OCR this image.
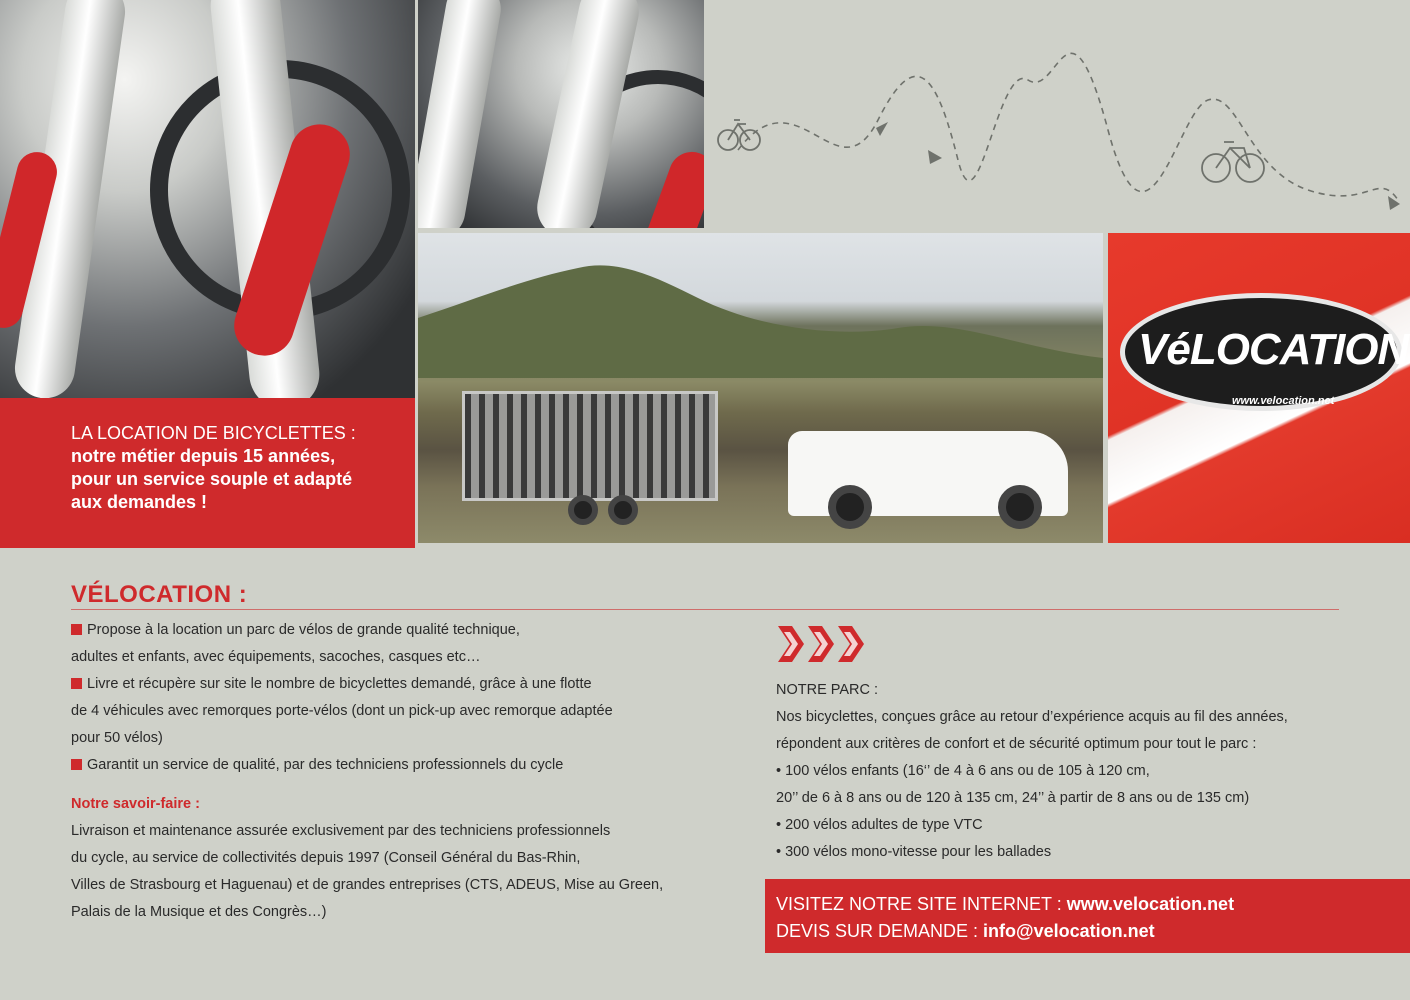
LA LOCATION DE BICYCLETTES :
notre métier depuis 15 années,
pour un service souple et adapté
aux demandes !
VéLOCATION
www.velocation.net
VÉLOCATION :
Propose à la location un parc de vélos de grande qualité technique,
adultes et enfants, avec équipements, sacoches, casques etc…
Livre et récupère sur site le nombre de bicyclettes demandé, grâce à une flotte
de 4 véhicules avec remorques porte-vélos (dont un pick-up avec remorque adaptée
pour 50 vélos)
Garantit un service de qualité, par des techniciens professionnels du cycle
Notre savoir-faire :
Livraison et maintenance assurée exclusivement par des techniciens professionnels
du cycle, au service de collectivités depuis 1997 (Conseil Général du Bas-Rhin,
Villes de Strasbourg et Haguenau) et de grandes entreprises (CTS, ADEUS, Mise au Green,
Palais de la Musique et des Congrès…)
NOTRE PARC :
Nos bicyclettes, conçues grâce au retour d’expérience acquis au fil des années,
répondent aux critères de confort et de sécurité optimum pour tout le parc :
• 100 vélos enfants (16‘’ de 4 à 6 ans ou de 105 à 120 cm,
20’’ de 6 à 8 ans ou de 120 à 135 cm, 24’’ à partir de 8 ans ou de 135 cm)
• 200 vélos adultes de type VTC
• 300 vélos mono-vitesse pour les ballades
VISITEZ NOTRE SITE INTERNET : www.velocation.net
DEVIS SUR DEMANDE : info@velocation.net
